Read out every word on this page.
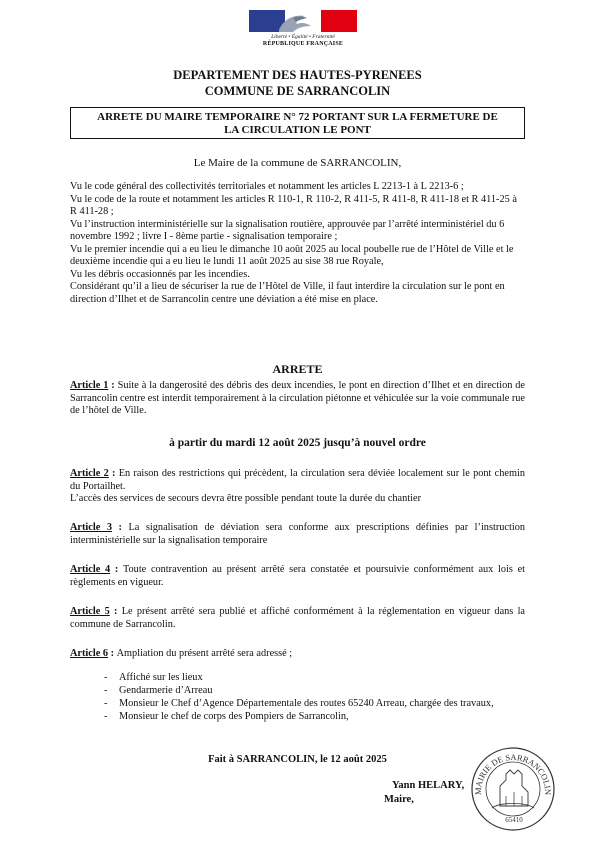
Liberté • Égalité • Fraternité
RÉPUBLIQUE FRANÇAISE
DEPARTEMENT DES HAUTES-PYRENEES
COMMUNE DE SARRANCOLIN
ARRETE DU MAIRE TEMPORAIRE N° 72 PORTANT SUR LA FERMETURE DE
LA CIRCULATION LE PONT
Le Maire de la commune de SARRANCOLIN,

Vu le code général des collectivités territoriales et notamment les articles L 2213-1 à L 2213-6 ;

Vu le code de la route et notamment les articles R 110-1, R 110-2, R 411-5, R 411-8, R 411-18 et R 411-25 à R 411-28 ;

Vu l’instruction interministérielle sur la signalisation routière, approuvée par l’arrêté interministériel du 6 novembre 1992 ; livre I - 8ème partie - signalisation temporaire ;

Vu le premier incendie qui a eu lieu le dimanche 10 août 2025 au local poubelle rue de l’Hôtel de Ville et le deuxième incendie qui a eu lieu le lundi 11 août 2025 au sise 38 rue Royale,

Vu les débris occasionnés par les incendies.

Considérant qu’il a lieu de sécuriser la rue de l’Hôtel de Ville, il faut interdire la circulation sur le pont en direction d’Ilhet et de Sarrancolin centre une déviation a été mise en place.

ARRETE

Article 1 : Suite à la dangerosité des débris des deux incendies, le pont en direction d’Ilhet et en direction de Sarrancolin centre est interdit temporairement à la circulation piétonne et véhiculée sur la voie communale rue de l’hôtel de Ville.

à partir du mardi 12 août 2025 jusqu’à nouvel ordre

Article 2 : En raison des restrictions qui précèdent, la circulation sera déviée localement sur le pont chemin du Portailhet.

L’accès des services de secours devra être possible pendant toute la durée du chantier

Article 3 : La signalisation de déviation sera conforme aux prescriptions définies par l’instruction interministérielle sur la signalisation temporaire

Article 4 : Toute contravention au présent arrêté sera constatée et poursuivie conformément aux lois et règlements en vigueur.

Article 5 : Le présent arrêté sera publié et affiché conformément à la réglementation en vigueur dans la commune de Sarrancolin.

Article 6 : Ampliation du présent arrêté sera adressé ;

- Affiché sur les lieux
- Gendarmerie d’Arreau
- Monsieur le Chef d’Agence Départementale des routes 65240 Arreau, chargée des travaux,
- Monsieur le chef de corps des Pompiers de Sarrancolin,
Fait à SARRANCOLIN, le 12 août 2025
Yann HELARY,
Maire,
MAIRIE DE SARRANCOLIN
65410
